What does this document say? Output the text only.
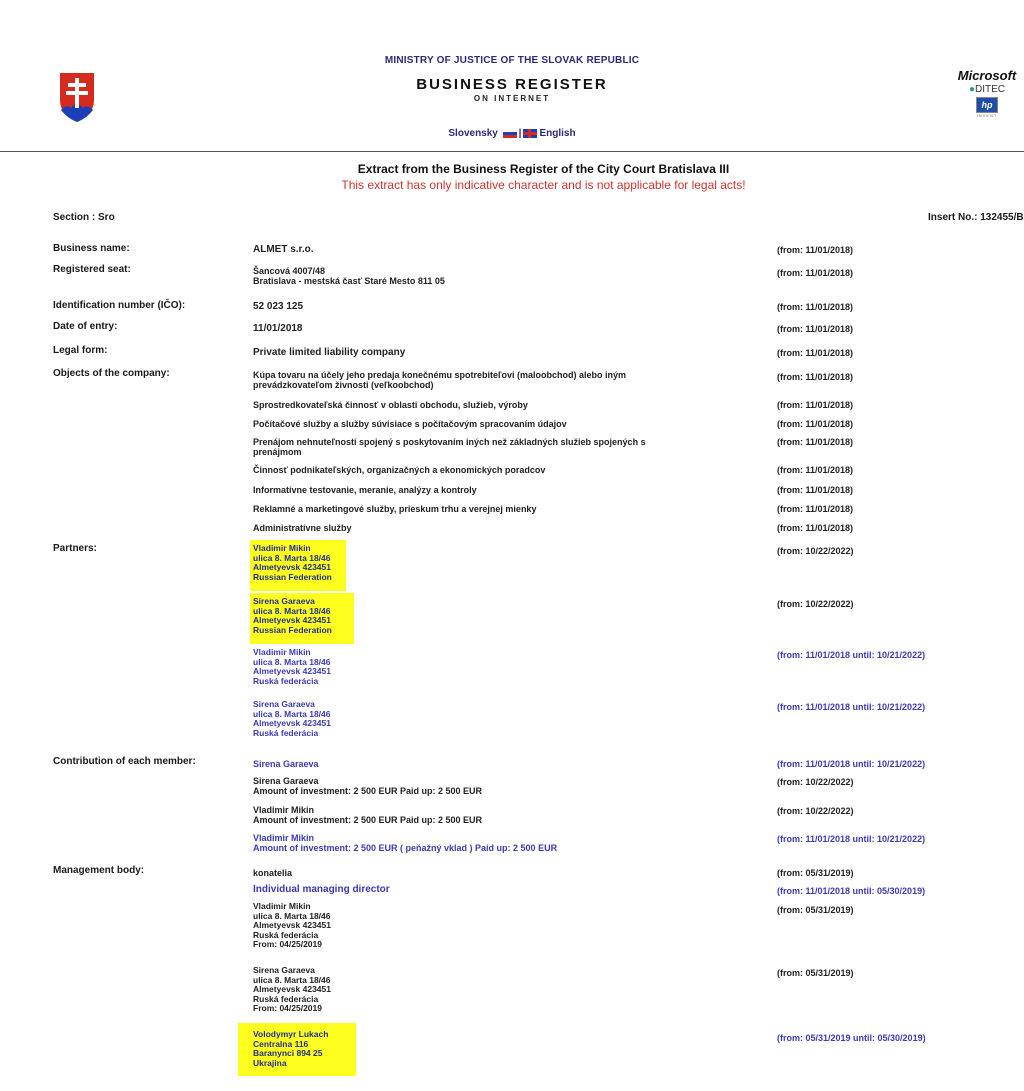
MINISTRY OF JUSTICE OF THE SLOVAK REPUBLIC
BUSINESS REGISTER
ON INTERNET
Slovensky | English
Microsoft
●DITEC
hp
INVENT
Extract from the Business Register of the City Court Bratislava III
This extract has only indicative character and is not applicable for legal acts!
Section : Sro	Insert No.: 132455/B
Business name:	ALMET s.r.o.	(from: 11/01/2018)
Registered seat:	Šancová 4007/48
Bratislava - mestská časť Staré Mesto 811 05
(from: 11/01/2018)
Identification number (IČO):	52 023 125	(from: 11/01/2018)
Date of entry:	11/01/2018	(from: 11/01/2018)
Legal form:	Private limited liability company	(from: 11/01/2018)
Objects of the company:	Kúpa tovaru na účely jeho predaja konečnému spotrebiteľovi (maloobchod) alebo iným
prevádzkovateľom živnosti (veľkoobchod)
(from: 11/01/2018)
Sprostredkovateľská činnosť v oblasti obchodu, služieb, výroby	(from: 11/01/2018)
Počítačové služby a služby súvisiace s počítačovým spracovaním údajov	(from: 11/01/2018)
Prenájom nehnuteľností spojený s poskytovaním iných než základných služieb spojených s
prenájmom
(from: 11/01/2018)
Činnosť podnikateľských, organizačných a ekonomických poradcov	(from: 11/01/2018)
Informatívne testovanie, meranie, analýzy a kontroly	(from: 11/01/2018)
Reklamné a marketingové služby, prieskum trhu a verejnej mienky	(from: 11/01/2018)
Administratívne služby	(from: 11/01/2018)
Partners:	Vladimir Mikin
ulica 8. Marta 18/46
Almetyevsk 423451
Russian Federation
(from: 10/22/2022)
Sirena Garaeva
ulica 8. Marta 18/46
Almetyevsk 423451
Russian Federation
(from: 10/22/2022)
Vladimir Mikin
ulica 8. Marta 18/46
Almetyevsk 423451
Ruská federácia
(from: 11/01/2018 until: 10/21/2022)
Sirena Garaeva
ulica 8. Marta 18/46
Almetyevsk 423451
Ruská federácia
(from: 11/01/2018 until: 10/21/2022)
Contribution of each member:	Sirena Garaeva	(from: 11/01/2018 until: 10/21/2022)
Sirena Garaeva
Amount of investment: 2 500 EUR Paid up: 2 500 EUR
(from: 10/22/2022)
Vladimir Mikin
Amount of investment: 2 500 EUR Paid up: 2 500 EUR
(from: 10/22/2022)
Vladimir Mikin
Amount of investment: 2 500 EUR ( peňažný vklad ) Paid up: 2 500 EUR
(from: 11/01/2018 until: 10/21/2022)
Management body:	konatelia	(from: 05/31/2019)
Individual managing director	(from: 11/01/2018 until: 05/30/2019)
Vladimir Mikin
ulica 8. Marta 18/46
Almetyevsk 423451
Ruská federácia
From: 04/25/2019
(from: 05/31/2019)
Sirena Garaeva
ulica 8. Marta 18/46
Almetyevsk 423451
Ruská federácia
From: 04/25/2019
(from: 05/31/2019)
Volodymyr Lukach
Centralna 116
Baranynci 894 25
Ukrajina
(from: 05/31/2019 until: 05/30/2019)
